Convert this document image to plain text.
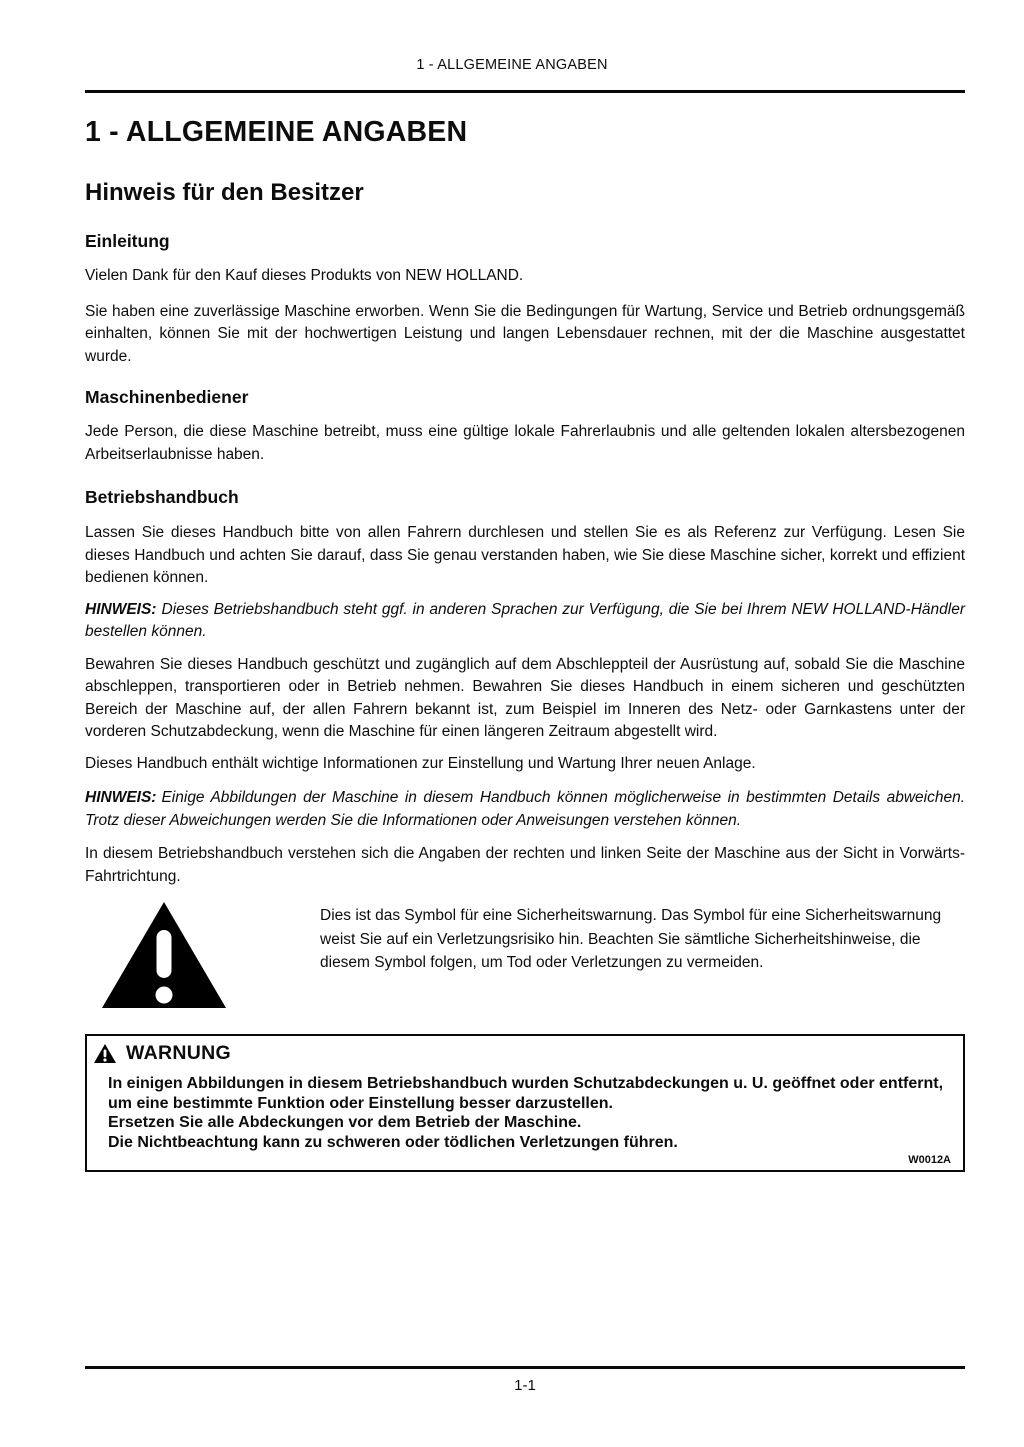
1 - ALLGEMEINE ANGABEN
1 - ALLGEMEINE ANGABEN
Hinweis für den Besitzer
Einleitung

Vielen Dank für den Kauf dieses Produkts von NEW HOLLAND.

Sie haben eine zuverlässige Maschine erworben. Wenn Sie die Bedingungen für Wartung, Service und Betrieb ordnungsgemäß einhalten, können Sie mit der hochwertigen Leistung und langen Lebensdauer rechnen, mit der die Maschine ausgestattet wurde.

Maschinenbediener

Jede Person, die diese Maschine betreibt, muss eine gültige lokale Fahrerlaubnis und alle geltenden lokalen altersbezogenen Arbeitserlaubnisse haben.

Betriebshandbuch

Lassen Sie dieses Handbuch bitte von allen Fahrern durchlesen und stellen Sie es als Referenz zur Verfügung. Lesen Sie dieses Handbuch und achten Sie darauf, dass Sie genau verstanden haben, wie Sie diese Maschine sicher, korrekt und effizient bedienen können.

HINWEIS: Dieses Betriebshandbuch steht ggf. in anderen Sprachen zur Verfügung, die Sie bei Ihrem NEW HOLLAND-Händler bestellen können.

Bewahren Sie dieses Handbuch geschützt und zugänglich auf dem Abschleppteil der Ausrüstung auf, sobald Sie die Maschine abschleppen, transportieren oder in Betrieb nehmen. Bewahren Sie dieses Handbuch in einem sicheren und geschützten Bereich der Maschine auf, der allen Fahrern bekannt ist, zum Beispiel im Inneren des Netz- oder Garnkastens unter der vorderen Schutzabdeckung, wenn die Maschine für einen längeren Zeitraum abgestellt wird.

Dieses Handbuch enthält wichtige Informationen zur Einstellung und Wartung Ihrer neuen Anlage.

HINWEIS: Einige Abbildungen der Maschine in diesem Handbuch können möglicherweise in bestimmten Details abweichen. Trotz dieser Abweichungen werden Sie die Informationen oder Anweisungen verstehen können.

In diesem Betriebshandbuch verstehen sich die Angaben der rechten und linken Seite der Maschine aus der Sicht in Vorwärts-Fahrtrichtung.

Dies ist das Symbol für eine Sicherheitswarnung. Das Symbol für eine Sicherheitswarnung weist Sie auf ein Verletzungsrisiko hin. Beachten Sie sämtliche Sicherheitshinweise, die diesem Symbol folgen, um Tod oder Verletzungen zu vermeiden.
WARNUNG

In einigen Abbildungen in diesem Betriebshandbuch wurden Schutzabdeckungen u. U. geöffnet oder entfernt, um eine bestimmte Funktion oder Einstellung besser darzustellen.

Ersetzen Sie alle Abdeckungen vor dem Betrieb der Maschine.

Die Nichtbeachtung kann zu schweren oder tödlichen Verletzungen führen.

W0012A
1-1
